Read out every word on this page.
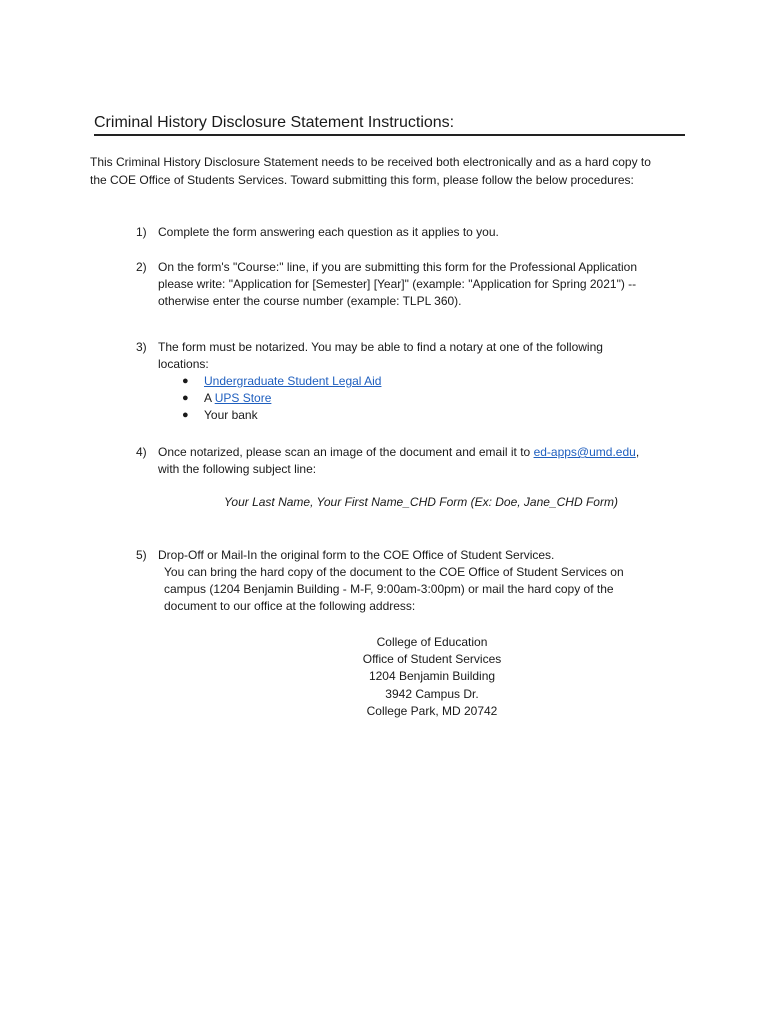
Criminal History Disclosure Statement Instructions:
This Criminal History Disclosure Statement needs to be received both electronically and as a hard copy to
the COE Office of Students Services. Toward submitting this form, please follow the below procedures:
1) Complete the form answering each question as it applies to you.
2) On the form's "Course:" line, if you are submitting this form for the Professional Application
please write: "Application for [Semester] [Year]" (example: "Application for Spring 2021") --
otherwise enter the course number (example: TLPL 360).
3) The form must be notarized. You may be able to find a notary at one of the following
locations:
● Undergraduate Student Legal Aid
● A UPS Store
● Your bank
4) Once notarized, please scan an image of the document and email it to ed-apps@umd.edu,
with the following subject line:
Your Last Name, Your First Name_CHD Form (Ex: Doe, Jane_CHD Form)
5) Drop-Off or Mail-In the original form to the COE Office of Student Services.
You can bring the hard copy of the document to the COE Office of Student Services on
campus (1204 Benjamin Building - M-F, 9:00am-3:00pm) or mail the hard copy of the
document to our office at the following address:
College of Education
Office of Student Services
1204 Benjamin Building
3942 Campus Dr.
College Park, MD 20742
